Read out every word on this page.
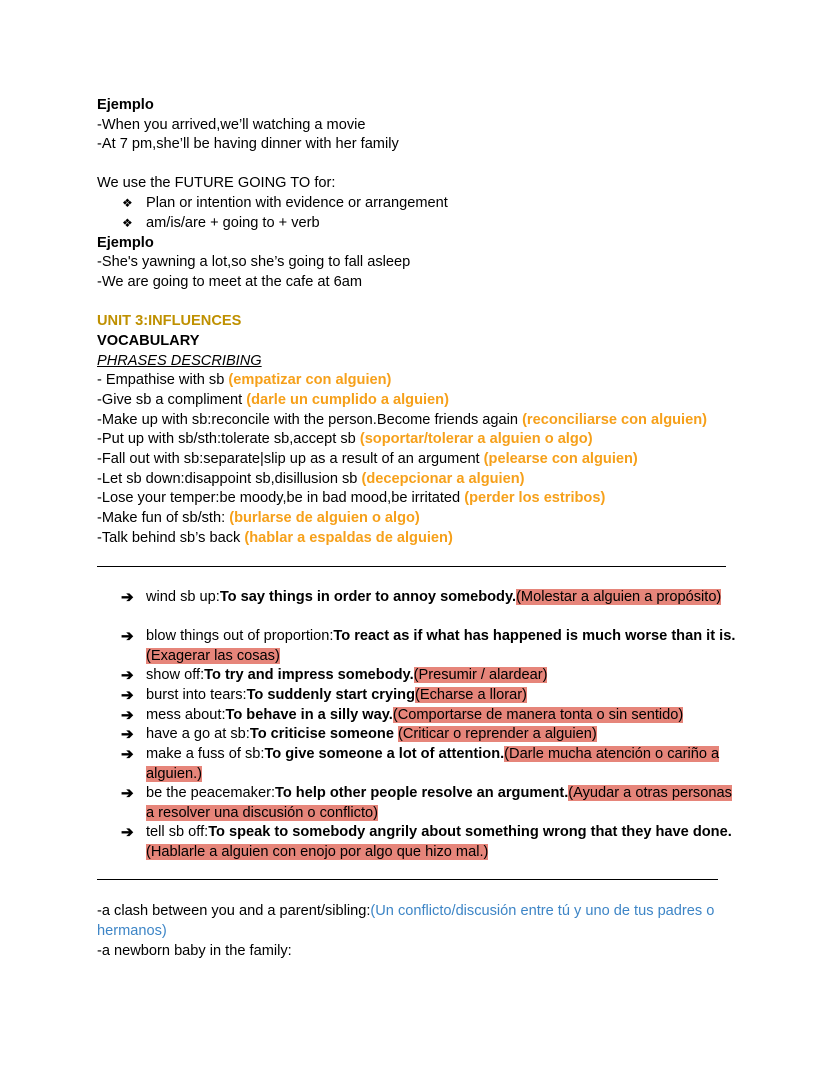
Ejemplo
-When you arrived,we’ll watching a movie
-At 7 pm,she’ll be having dinner with her family
We use the FUTURE GOING TO for:
❖ Plan or intention with evidence or arrangement
❖ am/is/are + going to + verb
Ejemplo
-She's yawning a lot,so she’s going to fall asleep
-We are going to meet at the cafe at 6am
UNIT 3:INFLUENCES
VOCABULARY
PHRASES DESCRIBING
- Empathise with sb (empatizar con alguien)
-Give sb a compliment (darle un cumplido a alguien)
-Make up with sb:reconcile with the person.Become friends again (reconciliarse con alguien)
-Put up with sb/sth:tolerate sb,accept sb (soportar/tolerar a alguien o algo)
-Fall out with sb:separate|slip up as a result of an argument (pelearse con alguien)
-Let sb down:disappoint sb,disillusion sb (decepcionar a alguien)
-Lose your temper:be moody,be in bad mood,be irritated (perder los estribos)
-Make fun of sb/sth: (burlarse de alguien o algo)
-Talk behind sb’s back (hablar a espaldas de alguien)
➔ wind sb up:To say things in order to annoy somebody.(Molestar a alguien a propósito)
➔ blow things out of proportion:To react as if what has happened is much worse than it is.(Exagerar las cosas)
➔ show off:To try and impress somebody.(Presumir / alardear)
➔ burst into tears:To suddenly start crying(Echarse a llorar)
➔ mess about:To behave in a silly way.(Comportarse de manera tonta o sin sentido)
➔ have a go at sb:To criticise someone (Criticar o reprender a alguien)
➔ make a fuss of sb:To give someone a lot of attention.(Darle mucha atención o cariño a alguien.)
➔ be the peacemaker:To help other people resolve an argument.(Ayudar a otras personas a resolver una discusión o conflicto)
➔ tell sb off:To speak to somebody angrily about something wrong that they have done.(Hablarle a alguien con enojo por algo que hizo mal.)
-a clash between you and a parent/sibling:(Un conflicto/discusión entre tú y uno de tus padres o hermanos)
-a newborn baby in the family:
